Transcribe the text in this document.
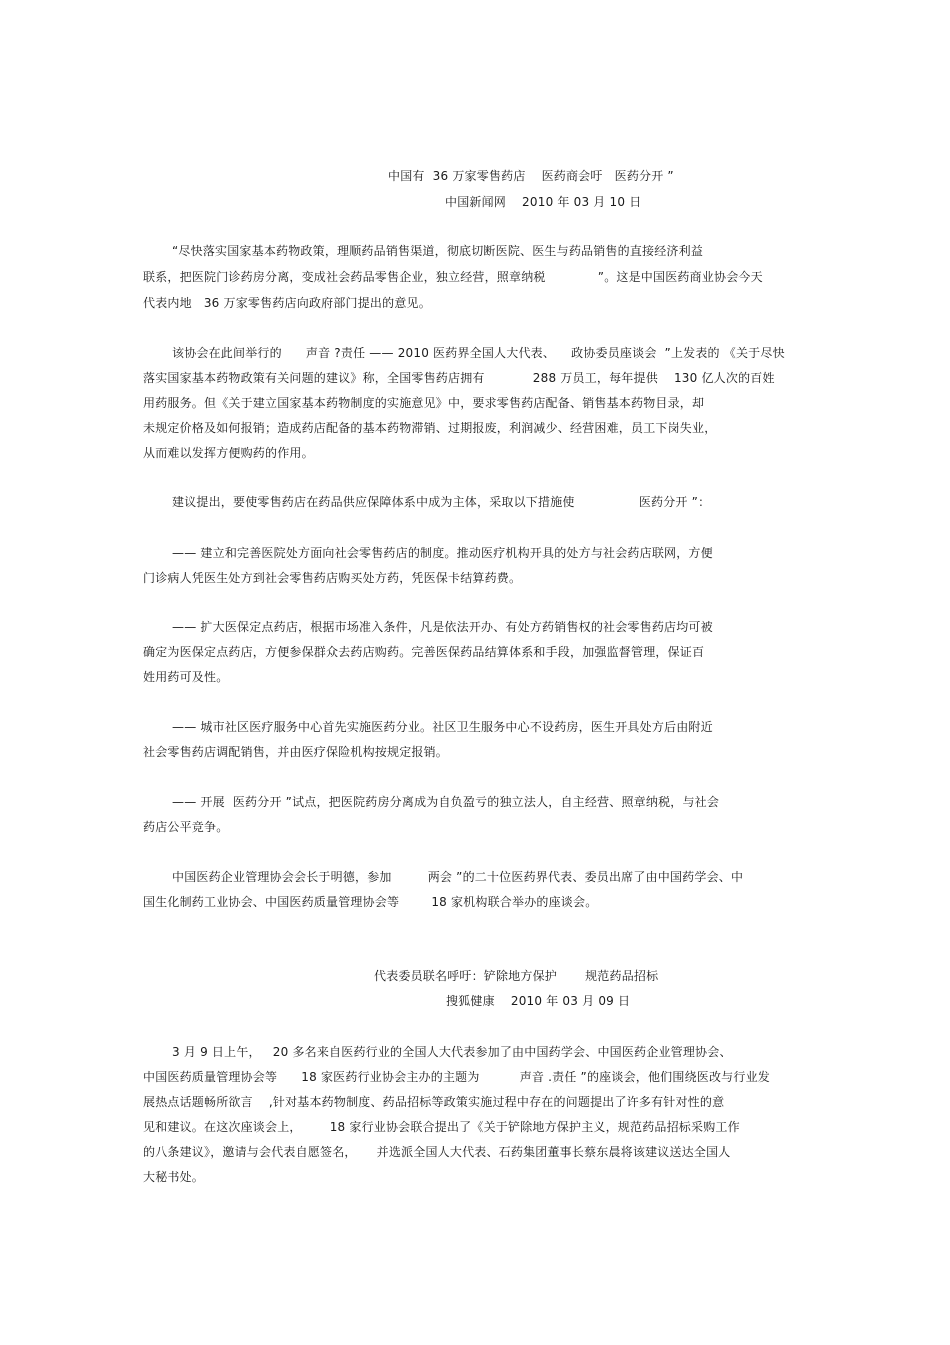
中国有  36 万家零售药店    医药商会吁   医药分开 ”
中国新闻网    2010 年 03 月 10 日
“尽快落实国家基本药物政策，理顺药品销售渠道，彻底切断医院、医生与药品销售的直接经济利益
联系，把医院门诊药房分离，变成社会药品零售企业，独立经营，照章纳税             ”。这是中国医药商业协会今天
代表内地   36 万家零售药店向政府部门提出的意见。
该协会在此间举行的      声音 ?责任 —— 2010 医药界全国人大代表、    政协委员座谈会  ”上发表的 《关于尽快
落实国家基本药物政策有关问题的建议》称，全国零售药店拥有            288 万员工，每年提供    130 亿人次的百姓
用药服务。但《关于建立国家基本药物制度的实施意见》中，要求零售药店配备、销售基本药物目录，却
未规定价格及如何报销；造成药店配备的基本药物滞销、过期报废，利润减少、经营困难，员工下岗失业，
从而难以发挥方便购药的作用。
建议提出，要使零售药店在药品供应保障体系中成为主体，采取以下措施使                医药分开 ”：
—— 建立和完善医院处方面向社会零售药店的制度。推动医疗机构开具的处方与社会药店联网，方便
门诊病人凭医生处方到社会零售药店购买处方药，凭医保卡结算药费。
—— 扩大医保定点药店，根据市场准入条件，凡是依法开办、有处方药销售权的社会零售药店均可被
确定为医保定点药店，方便参保群众去药店购药。完善医保药品结算体系和手段，加强监督管理，保证百
姓用药可及性。
—— 城市社区医疗服务中心首先实施医药分业。社区卫生服务中心不设药房，医生开具处方后由附近
社会零售药店调配销售，并由医疗保险机构按规定报销。
—— 开展  医药分开 ”试点，把医院药房分离成为自负盈亏的独立法人，自主经营、照章纳税，与社会
药店公平竞争。
中国医药企业管理协会会长于明德，参加         两会 ”的二十位医药界代表、委员出席了由中国药学会、中
国生化制药工业协会、中国医药质量管理协会等        18 家机构联合举办的座谈会。
代表委员联名呼吁：铲除地方保护       规范药品招标
搜狐健康    2010 年 03 月 09 日
3 月 9 日上午，   20 多名来自医药行业的全国人大代表参加了由中国药学会、中国医药企业管理协会、
中国医药质量管理协会等      18 家医药行业协会主办的主题为          声音 .责任 ”的座谈会，他们围绕医改与行业发
展热点话题畅所欲言    ,针对基本药物制度、药品招标等政策实施过程中存在的问题提出了许多有针对性的意
见和建议。在这次座谈会上，       18 家行业协会联合提出了《关于铲除地方保护主义，规范药品招标采购工作
的八条建议》，邀请与会代表自愿签名，     并选派全国人大代表、石药集团董事长蔡东晨将该建议送达全国人
大秘书处。
